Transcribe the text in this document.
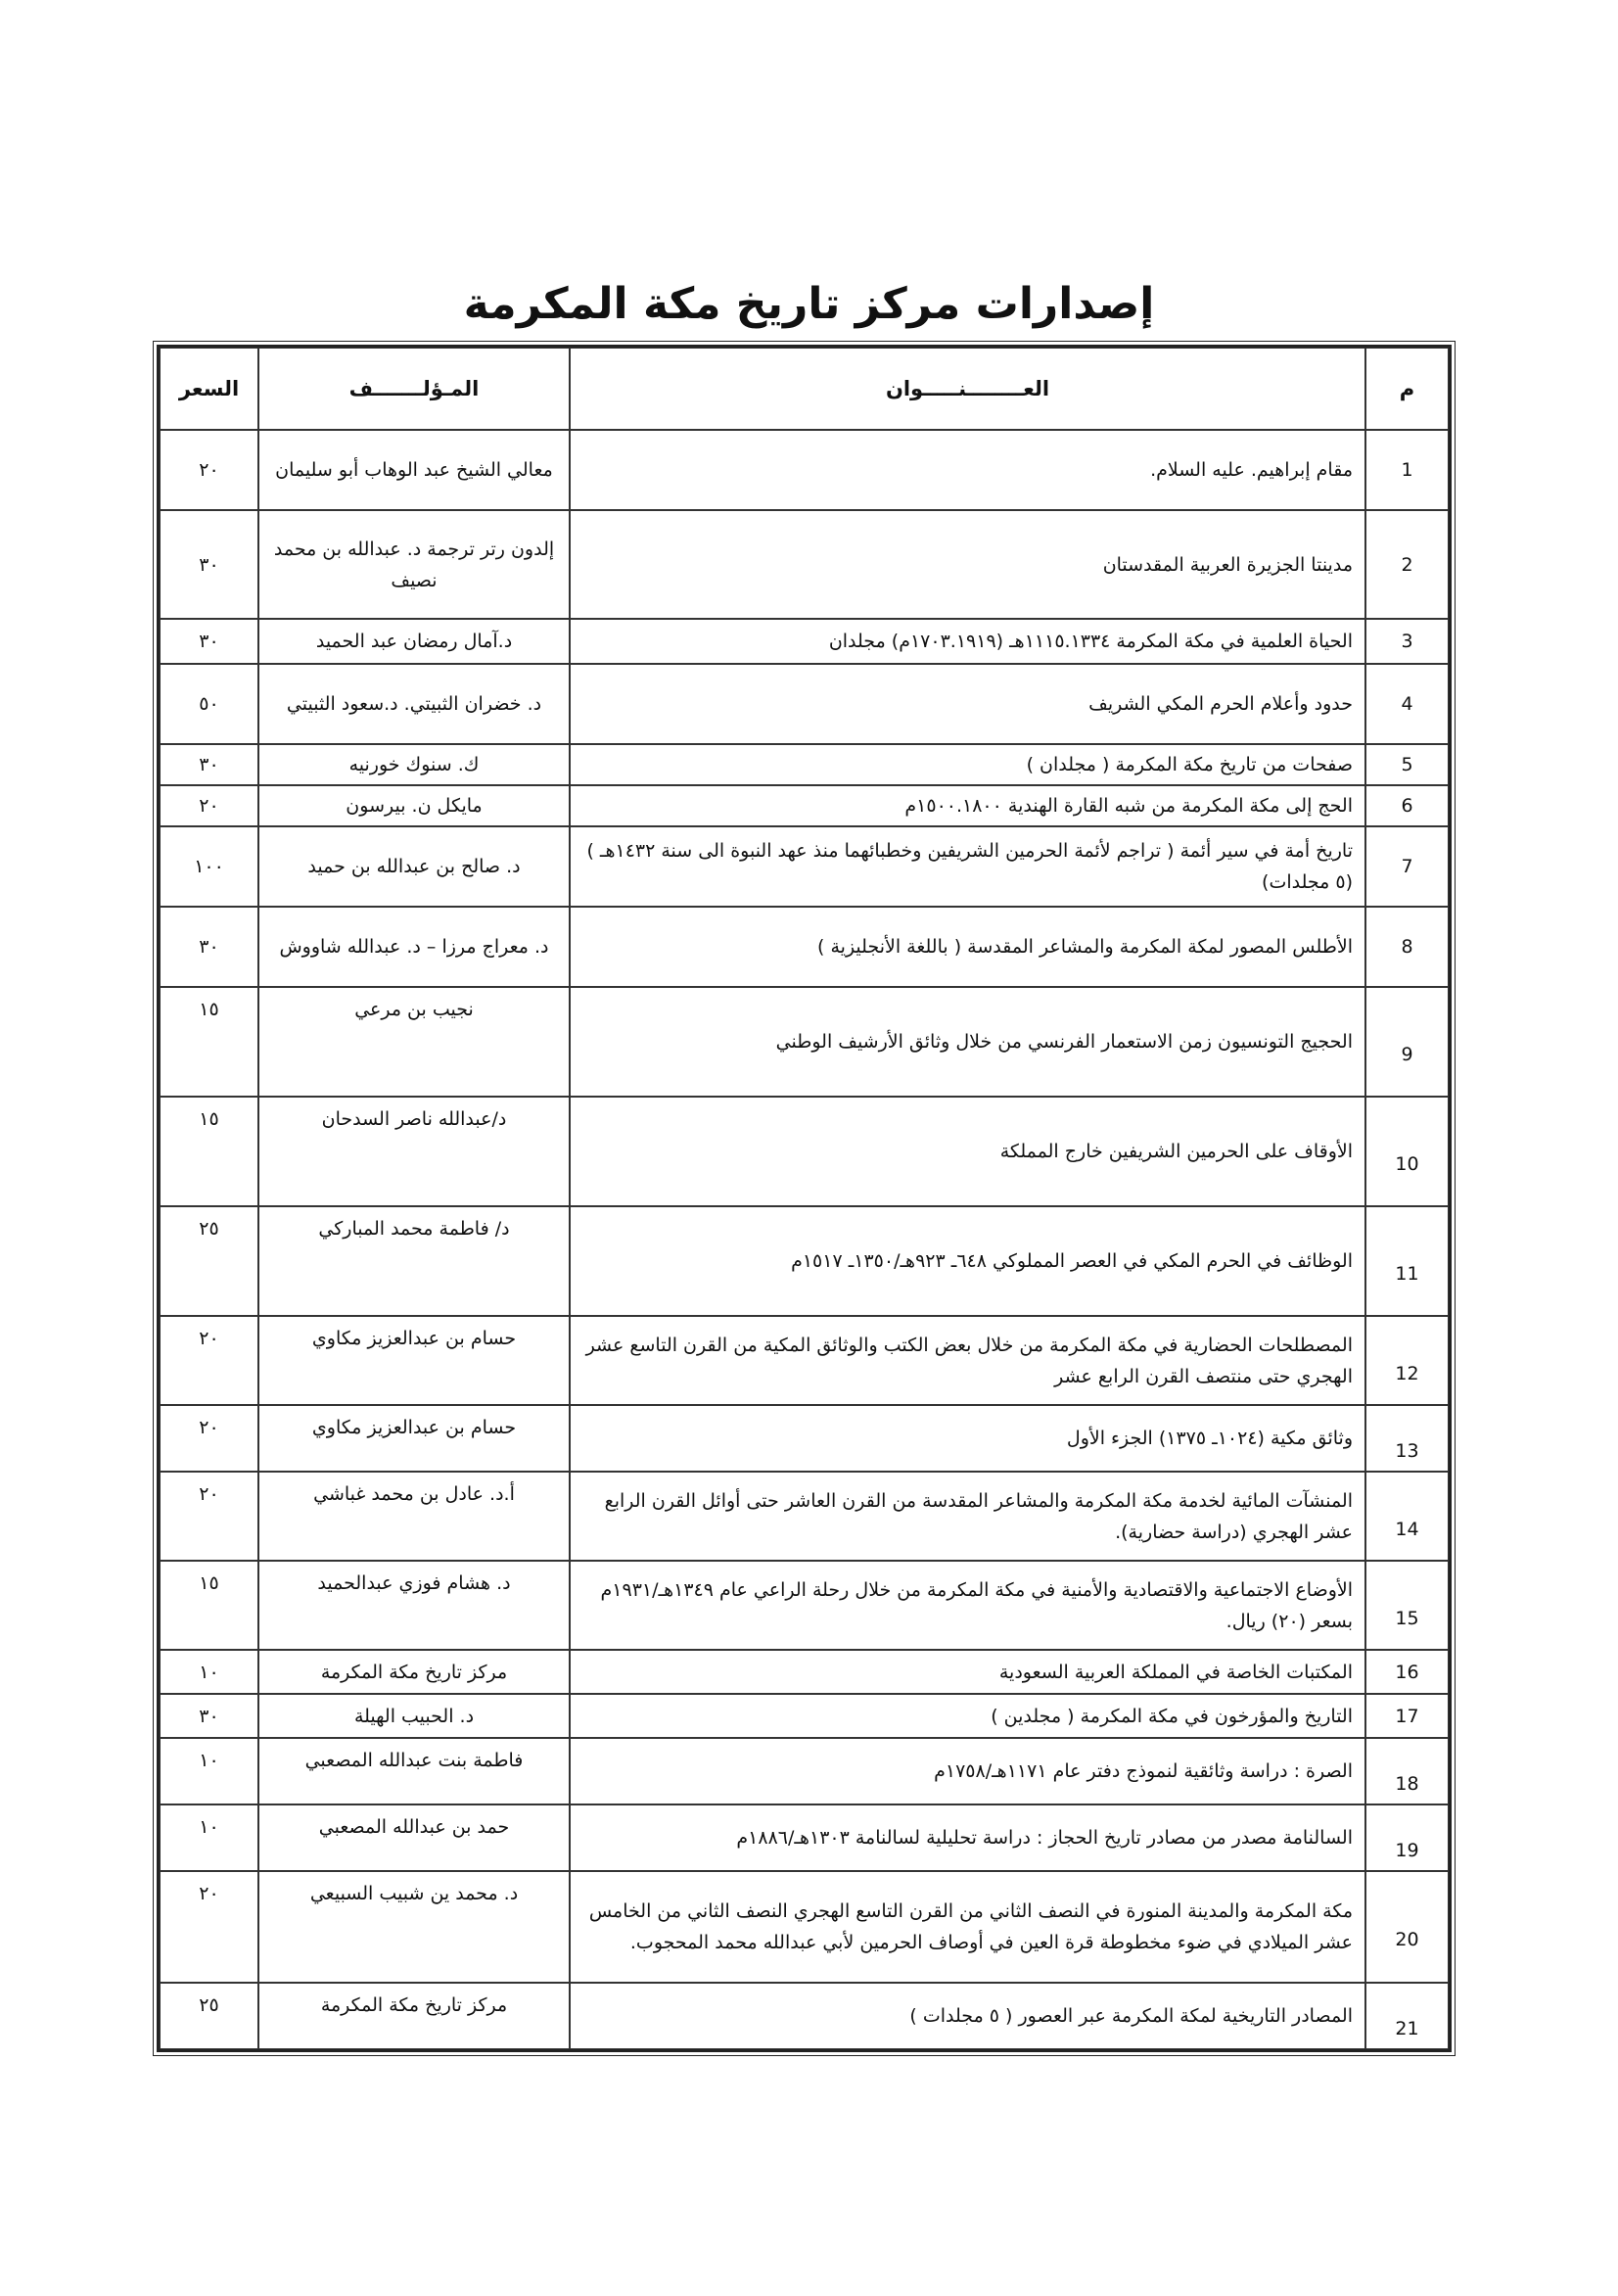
إصدارات مركز تاريخ مكة المكرمة
م	العــــــــنـــــوان	المـؤلـــــــف	السعر
1	مقام إبراهيم. عليه السلام.	معالي الشيخ عبد الوهاب أبو سليمان	٢٠
2	مدينتا الجزيرة العربية المقدستان	إلدون رتر ترجمة د. عبدالله بن محمد نصيف	٣٠
3	الحياة العلمية في مكة المكرمة ١١١٥.١٣٣٤هـ (١٧٠٣.١٩١٩م) مجلدان	د.آمال رمضان عبد الحميد	٣٠
4	حدود وأعلام الحرم المكي الشريف	د. خضران الثبيتي. د.سعود الثبيتي	٥٠
5	صفحات من تاريخ مكة المكرمة ( مجلدان )	ك. سنوك خورنيه	٣٠
6	الحج إلى مكة المكرمة من شبه القارة الهندية ١٥٠٠.١٨٠٠م	مايكل ن. بيرسون	٢٠
7	تاريخ أمة في سير أئمة ( تراجم لأئمة الحرمين الشريفين وخطبائهما منذ عهد النبوة الى سنة ١٤٣٢هـ ) (٥ مجلدات)	د. صالح بن عبدالله بن حميد	١٠٠
8	الأطلس المصور لمكة المكرمة والمشاعر المقدسة ( باللغة الأنجليزية )	د. معراج مرزا – د. عبدالله شاووش	٣٠
9	الحجيج التونسيون زمن الاستعمار الفرنسي من خلال وثائق الأرشيف الوطني	نجيب بن مرعي	١٥
10	الأوقاف على الحرمين الشريفين خارج المملكة	د/عبدالله ناصر السدحان	١٥
11	الوظائف في الحرم المكي في العصر المملوكي ٦٤٨ـ ٩٢٣هـ/١٣٥٠ـ ١٥١٧م	د/ فاطمة محمد المباركي	٢٥
12	المصطلحات الحضارية في مكة المكرمة من خلال بعض الكتب والوثائق المكية من القرن التاسع عشر الهجري حتى منتصف القرن الرابع عشر	حسام بن عبدالعزيز مكاوي	٢٠
13	وثائق مكية (١٠٢٤ـ ١٣٧٥) الجزء الأول	حسام بن عبدالعزيز مكاوي	٢٠
14	المنشآت المائية لخدمة مكة المكرمة والمشاعر المقدسة من القرن العاشر حتى أوائل القرن الرابع عشر الهجري (دراسة حضارية).	أ.د. عادل بن محمد غباشي	٢٠
15	الأوضاع الاجتماعية والاقتصادية والأمنية في مكة المكرمة من خلال رحلة الراعي عام ١٣٤٩هـ/١٩٣١م بسعر (٢٠) ريال.	د. هشام فوزي عبدالحميد	١٥
16	المكتبات الخاصة في المملكة العربية السعودية	مركز تاريخ مكة المكرمة	١٠
17	التاريخ والمؤرخون في مكة المكرمة ( مجلدين )	د. الحبيب الهيلة	٣٠
18	الصرة : دراسة وثائقية لنموذج دفتر عام ١١٧١هـ/١٧٥٨م	فاطمة بنت عبدالله المصعبي	١٠
19	السالنامة مصدر من مصادر تاريخ الحجاز : دراسة تحليلية لسالنامة ١٣٠٣هـ/١٨٨٦م	حمد بن عبدالله المصعبي	١٠
20	مكة المكرمة والمدينة المنورة في النصف الثاني من القرن التاسع الهجري النصف الثاني من الخامس عشر الميلادي في ضوء مخطوطة قرة العين في أوصاف الحرمين لأبي عبدالله محمد المحجوب.	د. محمد ين شبيب السبيعي	٢٠
21	المصادر التاريخية لمكة المكرمة عبر العصور ( ٥ مجلدات )	مركز تاريخ مكة المكرمة	٢٥
